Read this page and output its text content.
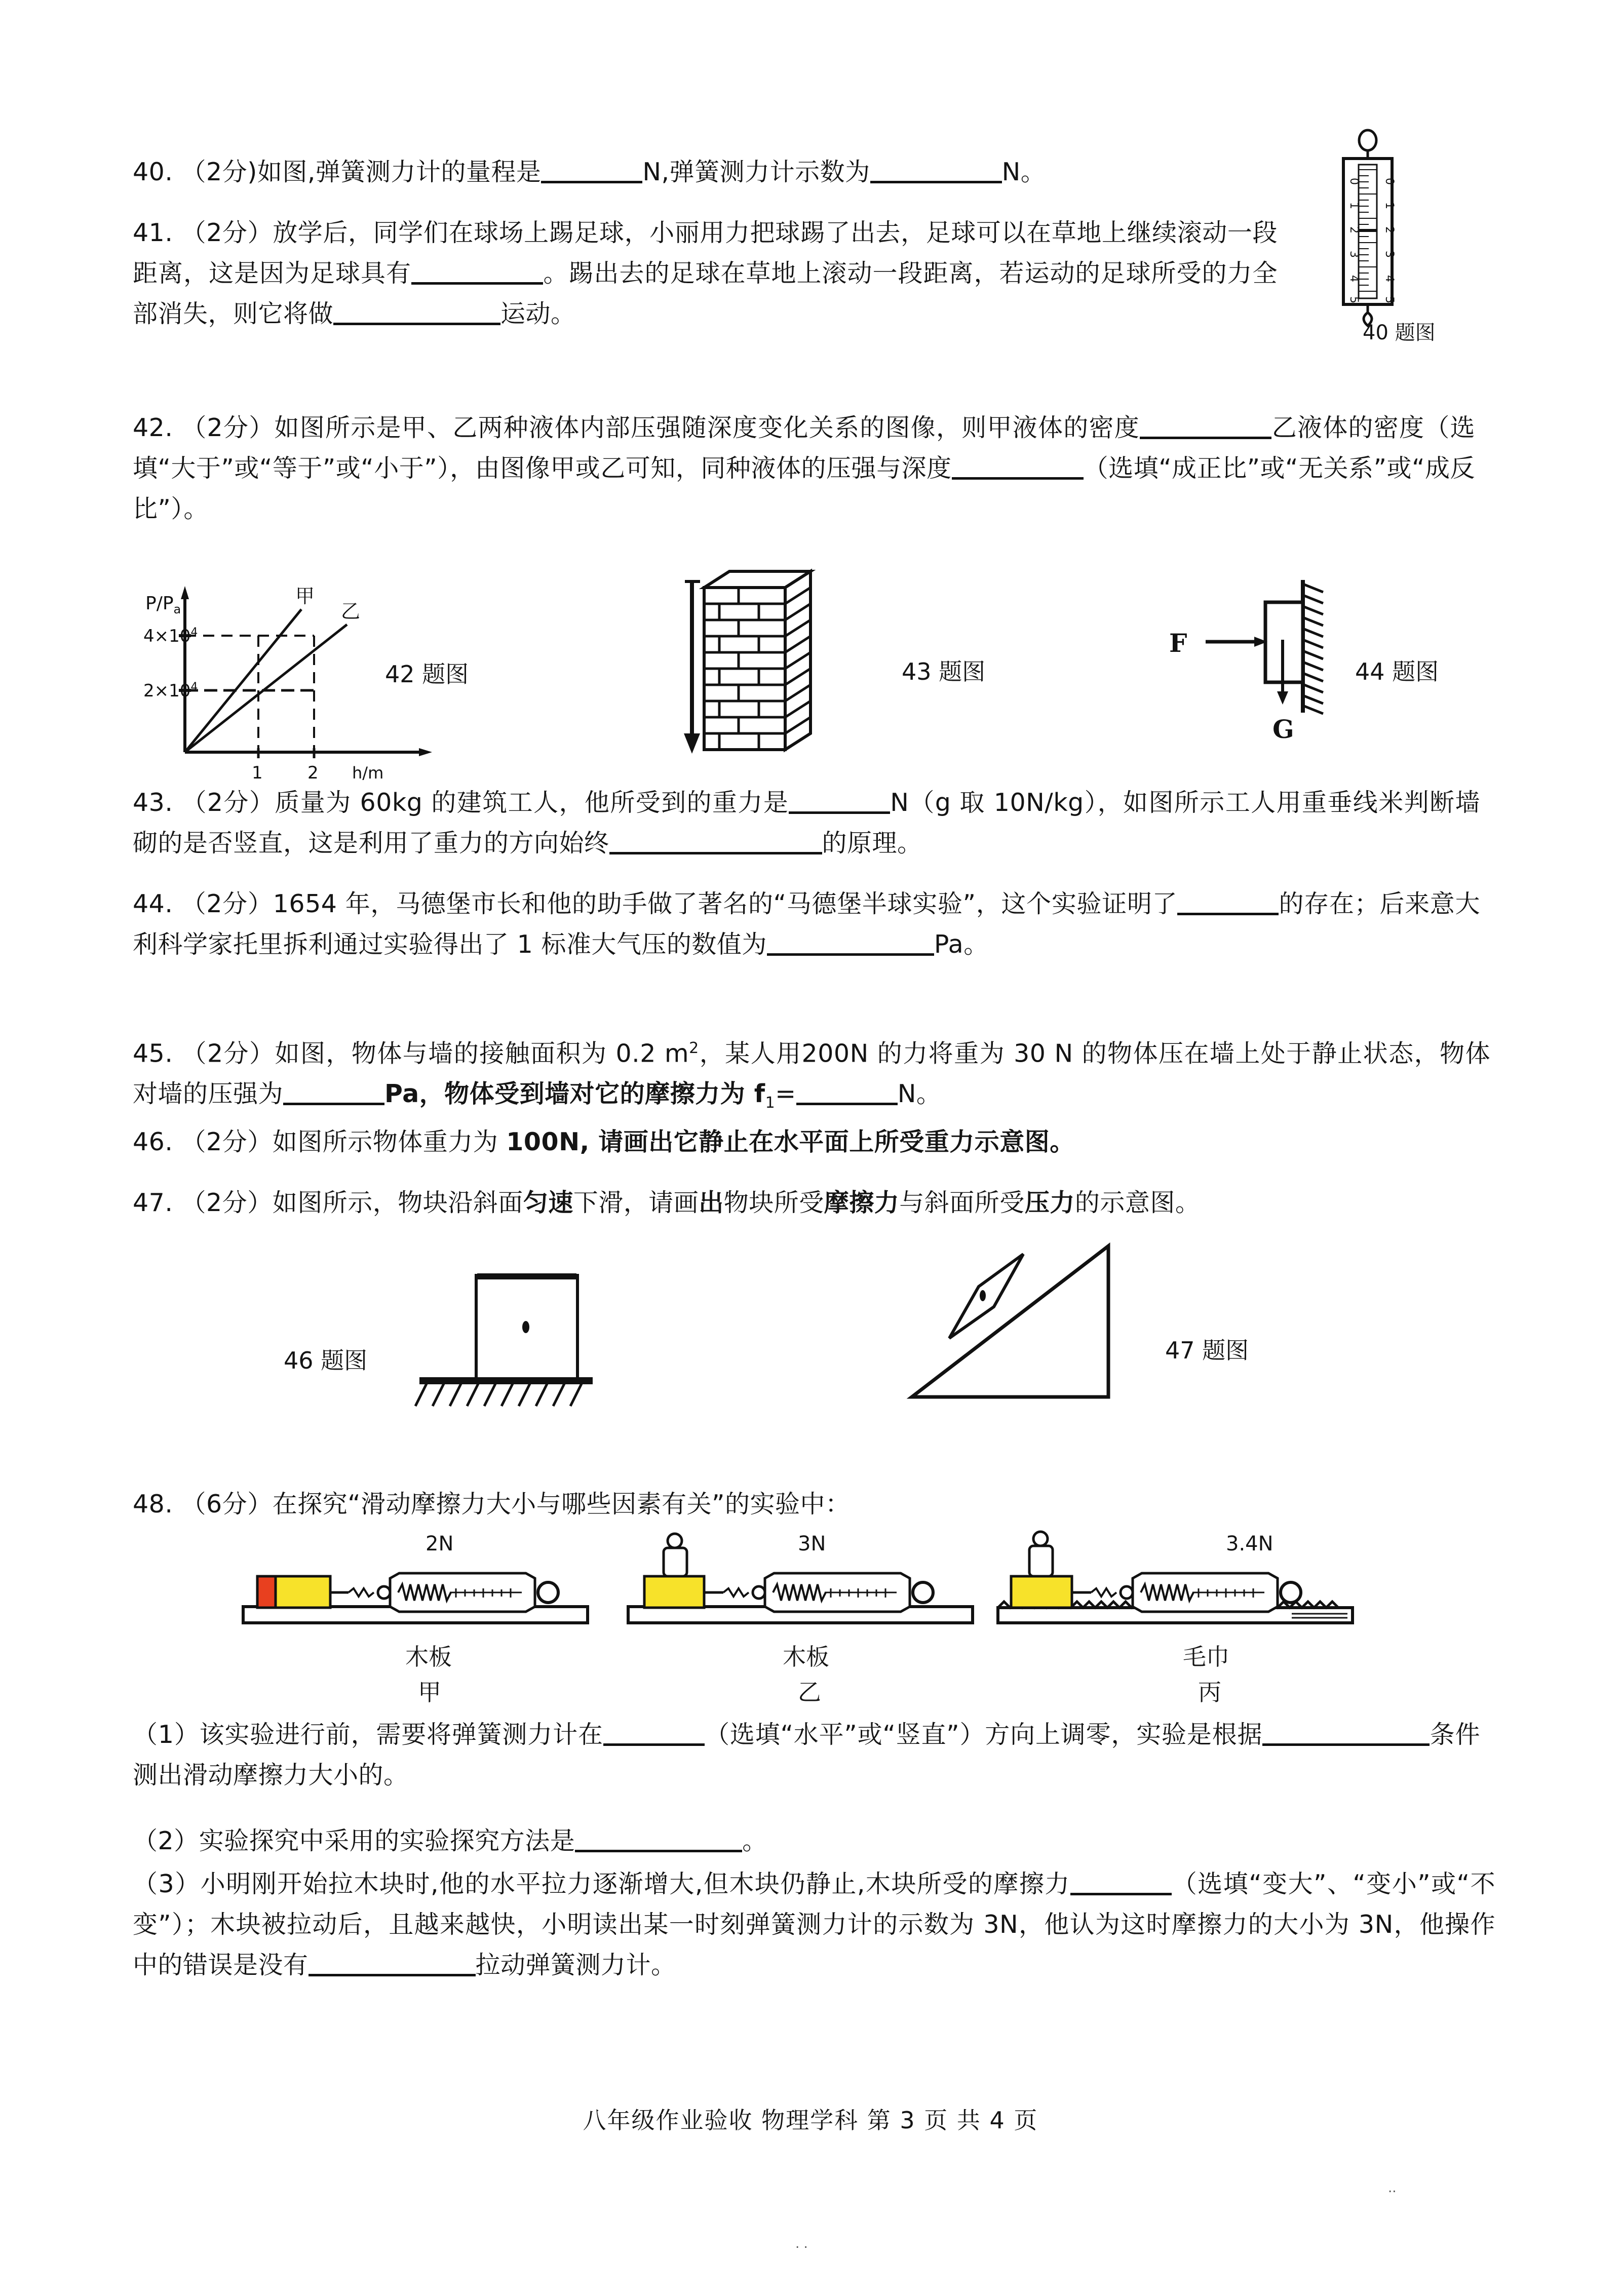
40. （2分)如图,弹簧测力计的量程是	N,弹簧测力计示数为	N。	0
1
2
3
4
5
0
1
2
3
4
5
40 题图
41. （2分）放学后，同学们在球场上踢足球，小丽用力把球踢了出去，足球可以在草地上继续滚动一段距离，这是因为足球具有	。踢出去的足球在草地上滚动一段距离，若运动的足球所受的力全部消失，则它将做	运动。
42. （2分）如图所示是甲、乙两种液体内部压强随深度变化关系的图像，则甲液体的密度	乙液体的密度（选填“大于”或“等于”或“小于”），由图像甲或乙可知，同种液体的压强与深度	（选填“成正比”或“无关系”或“成反比”）。
$4\times 10^4$
$2\times 10^4$
$P/P_a$
1	2 h/m
甲
乙
42 题图	43 题图
F
G
44 题图
43. （2分）质量为 60kg 的建筑工人，他所受到的重力是	N（g 取 10N/kg），如图所示工人用重垂线米判断墙砌的是否竖直，这是利用了重力的方向始终	的原理。
44. （2分）1654 年，马德堡市长和他的助手做了著名的“马德堡半球实验”，这个实验证明了	的存在；后来意大利科学家托里拆利通过实验得出了 1 标准大气压的数值为	Pa。
45. （2分）如图，物体与墙的接触面积为 0.2 $m^2$，某人用200N 的力将重为 30 N 的物体压在墙上处于静止状态，物体对墙的压强为	Pa，物体受到墙对它的摩擦力为 $f_1=$	N。
46. （2分）如图所示物体重力为 100N, 请画出它静止在水平面上所受重力示意图。
47. （2分）如图所示，物块沿斜面匀速下滑，请画出物块所受摩擦力与斜面所受压力的示意图。
46 题图	47 题图
48. （6分）在探究“滑动摩擦力大小与哪些因素有关”的实验中：
2N
木板
甲
3N
木板
乙
3.4N
毛巾
丙
（1）该实验进行前，需要将弹簧测力计在	（选填“水平”或“竖直”）方向上调零，实验是根据	条件测出滑动摩擦力大小的。
（2）实验探究中采用的实验探究方法是	。
（3）小明刚开始拉木块时,他的水平拉力逐渐增大,但木块仍静止,木块所受的摩擦力	（选填“变大”、“变小”或“不变”）；木块被拉动后，且越来越快，小明读出某一时刻弹簧测力计的示数为 3N，他认为这时摩擦力的大小为 3N，他操作中的错误是没有	拉动弹簧测力计。
八年级作业验收 物理学科 第 3 页 共 4 页
. .
..
